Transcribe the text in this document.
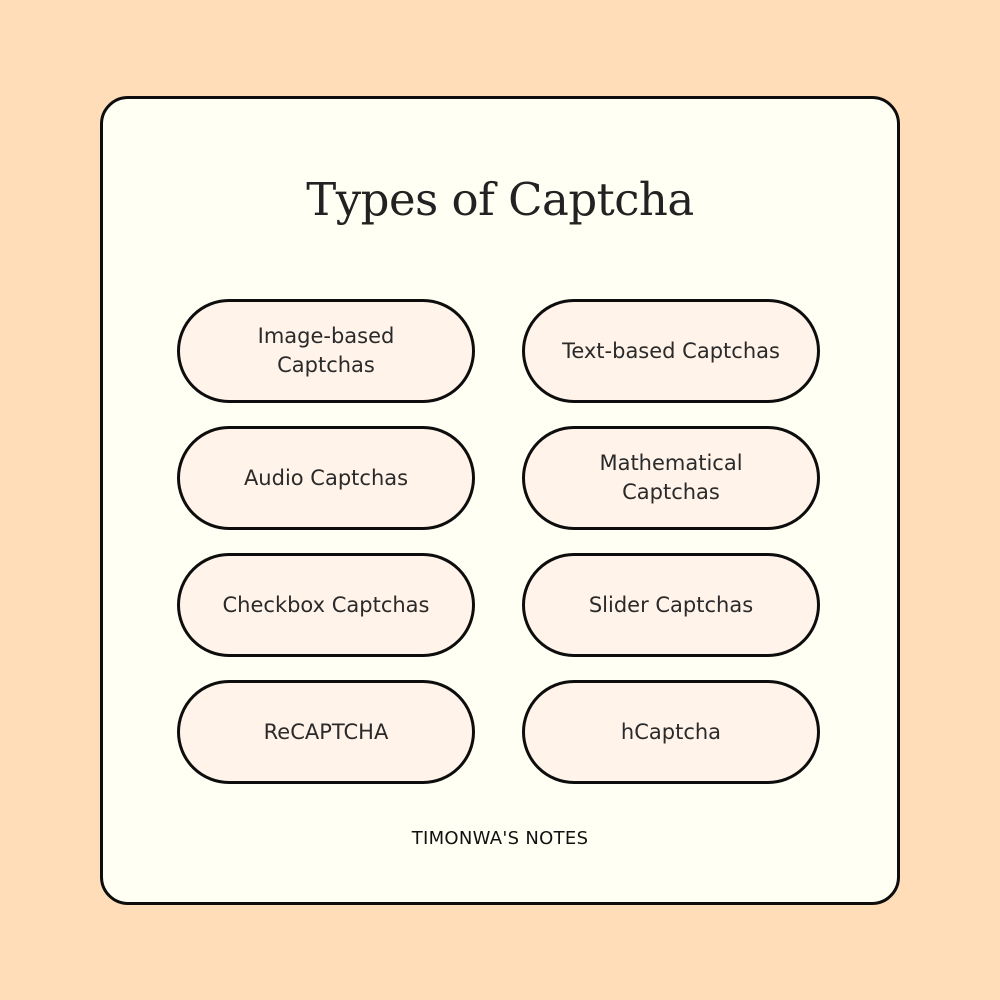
Types of Captcha
Image-based Captchas
Text-based Captchas
Audio Captchas
Mathematical Captchas
Checkbox Captchas	Slider Captchas
ReCAPTCHA	hCaptcha
TIMONWA'S NOTES
